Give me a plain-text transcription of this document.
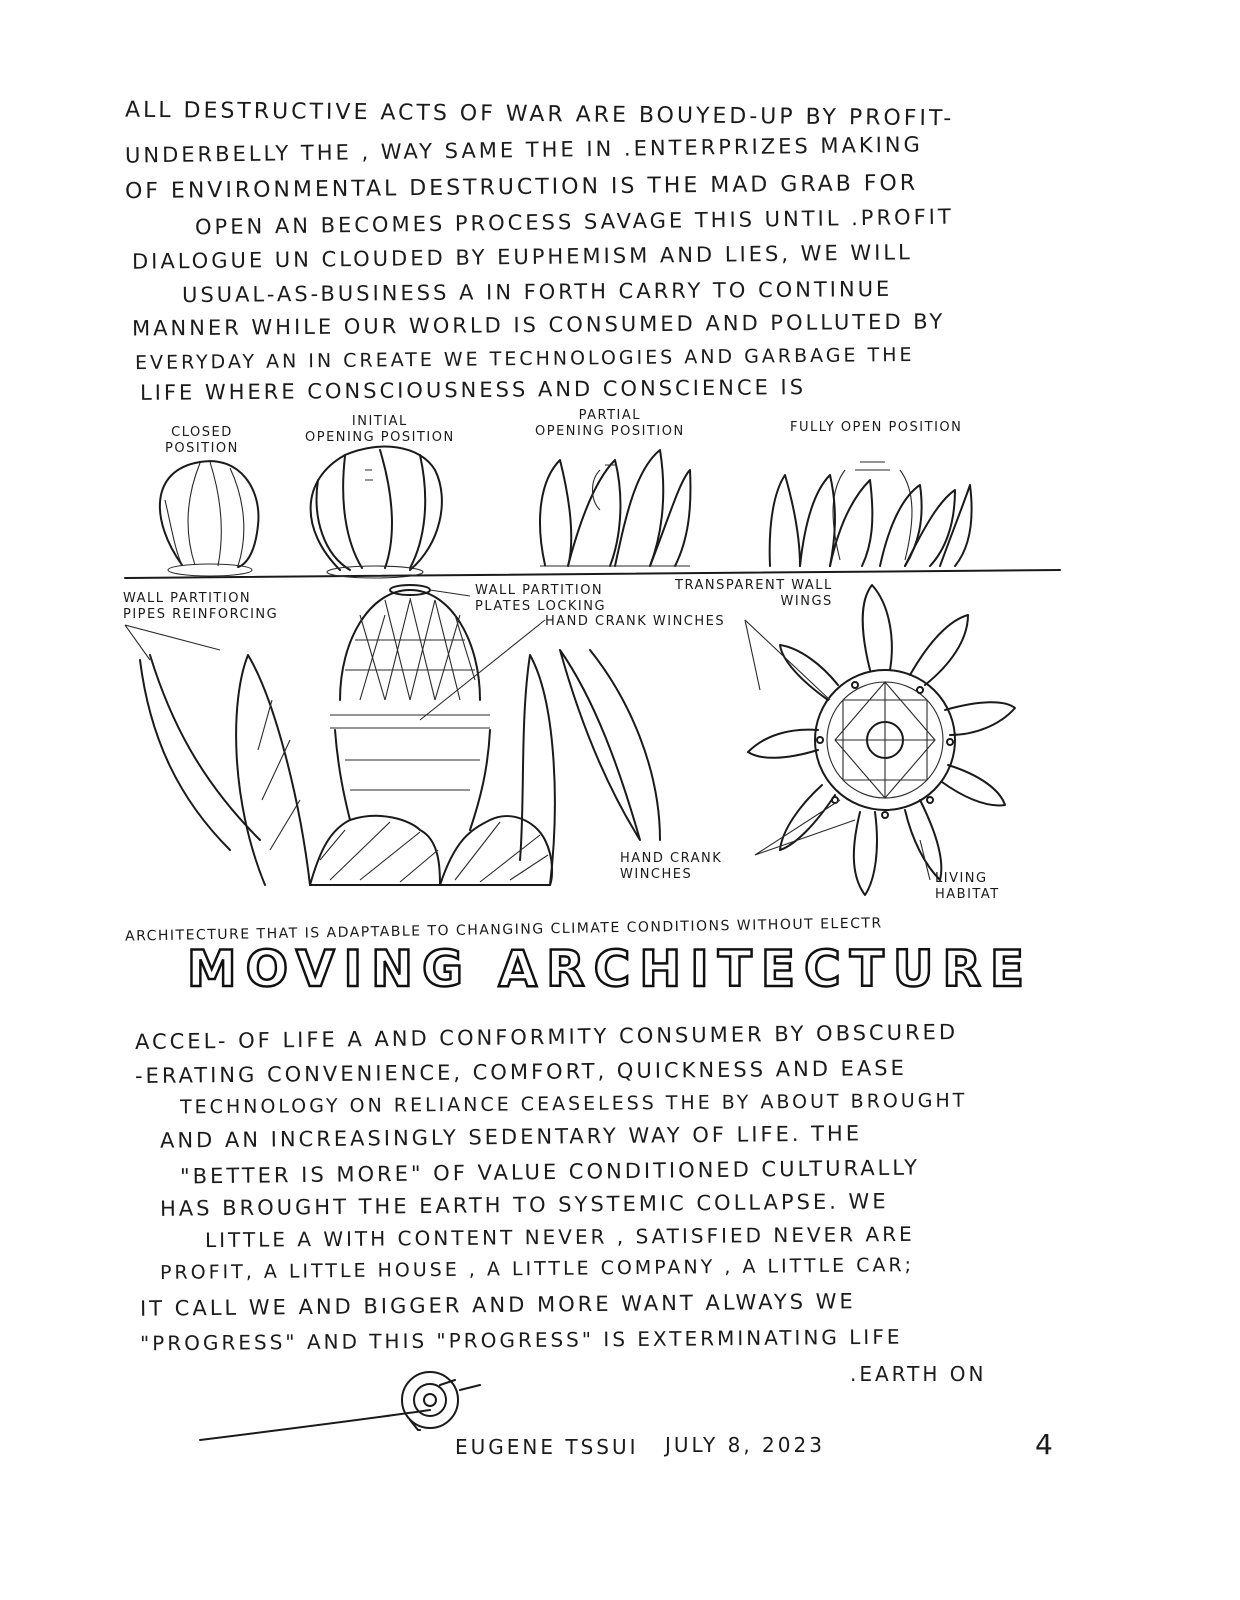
ALL DESTRUCTIVE ACTS OF WAR ARE BOUYED-UP BY PROFIT-
UNDERBELLY THE , WAY SAME THE IN .ENTERPRIZES MAKING
OF ENVIRONMENTAL DESTRUCTION IS THE MAD GRAB FOR
OPEN AN BECOMES PROCESS SAVAGE THIS UNTIL .PROFIT
DIALOGUE UN CLOUDED BY EUPHEMISM AND LIES, WE WILL
USUAL-AS-BUSINESS A IN FORTH CARRY TO CONTINUE
MANNER WHILE OUR WORLD IS CONSUMED AND POLLUTED BY
EVERYDAY AN IN CREATE WE TECHNOLOGIES AND GARBAGE THE
LIFE WHERE CONSCIOUSNESS AND CONSCIENCE IS
CLOSED
POSITION
INITIAL
OPENING POSITION
PARTIAL
OPENING POSITION	FULLY OPEN POSITION
WALL PARTITION
PIPES REINFORCING
WALL PARTITION
PLATES LOCKING
HAND CRANK WINCHES
TRANSPARENT WALL
WINGS
HAND CRANK
WINCHES	LIVING
HABITAT
ARCHITECTURE THAT IS ADAPTABLE TO CHANGING CLIMATE CONDITIONS WITHOUT ELECTR
MOVING ARCHITECTURE
ACCEL- OF LIFE A AND CONFORMITY CONSUMER BY OBSCURED
-ERATING CONVENIENCE, COMFORT, QUICKNESS AND EASE
TECHNOLOGY ON RELIANCE CEASELESS THE BY ABOUT BROUGHT
AND AN INCREASINGLY SEDENTARY WAY OF LIFE. THE
"BETTER IS MORE" OF VALUE CONDITIONED CULTURALLY
HAS BROUGHT THE EARTH TO SYSTEMIC COLLAPSE. WE
LITTLE A WITH CONTENT NEVER , SATISFIED NEVER ARE
PROFIT, A LITTLE HOUSE , A LITTLE COMPANY , A LITTLE CAR;
IT CALL WE AND BIGGER AND MORE WANT ALWAYS WE
"PROGRESS" AND THIS "PROGRESS" IS EXTERMINATING LIFE
.EARTH ON
EUGENE TSSUI JULY 8, 2023	4
